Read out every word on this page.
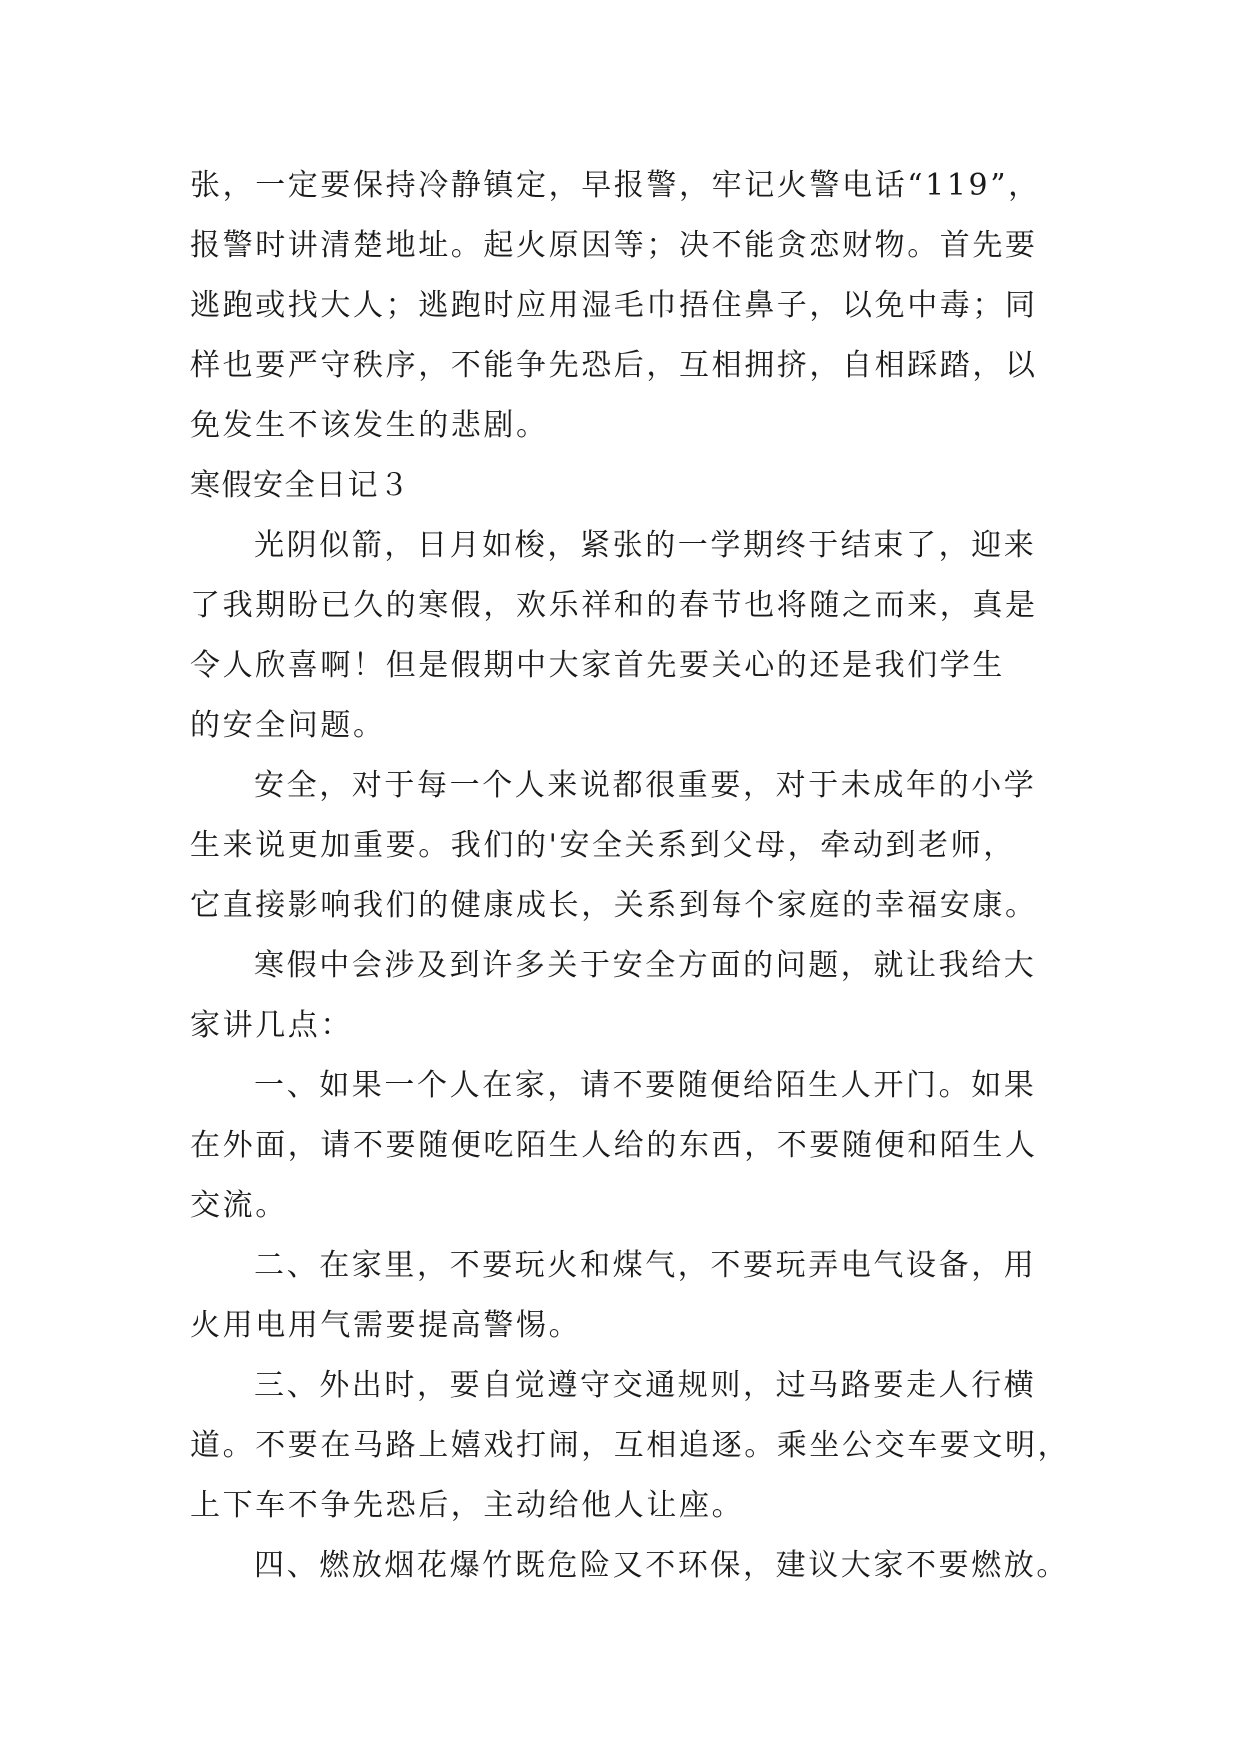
张，一定要保持冷静镇定，早报警，牢记火警电话“119”，
报警时讲清楚地址。起火原因等；决不能贪恋财物。首先要
逃跑或找大人；逃跑时应用湿毛巾捂住鼻子，以免中毒；同
样也要严守秩序，不能争先恐后，互相拥挤，自相踩踏，以
免发生不该发生的悲剧。
寒假安全日记３
光阴似箭，日月如梭，紧张的一学期终于结束了，迎来
了我期盼已久的寒假，欢乐祥和的春节也将随之而来，真是
令人欣喜啊！但是假期中大家首先要关心的还是我们学生
的安全问题。
安全，对于每一个人来说都很重要，对于未成年的小学
生来说更加重要。我们的'安全关系到父母，牵动到老师，
它直接影响我们的健康成长，关系到每个家庭的幸福安康。
寒假中会涉及到许多关于安全方面的问题，就让我给大
家讲几点：
一、如果一个人在家，请不要随便给陌生人开门。如果
在外面，请不要随便吃陌生人给的东西，不要随便和陌生人
交流。
二、在家里，不要玩火和煤气，不要玩弄电气设备，用
火用电用气需要提高警惕。
三、外出时，要自觉遵守交通规则，过马路要走人行横
道。不要在马路上嬉戏打闹，互相追逐。乘坐公交车要文明，
上下车不争先恐后，主动给他人让座。
四、燃放烟花爆竹既危险又不环保，建议大家不要燃放。
